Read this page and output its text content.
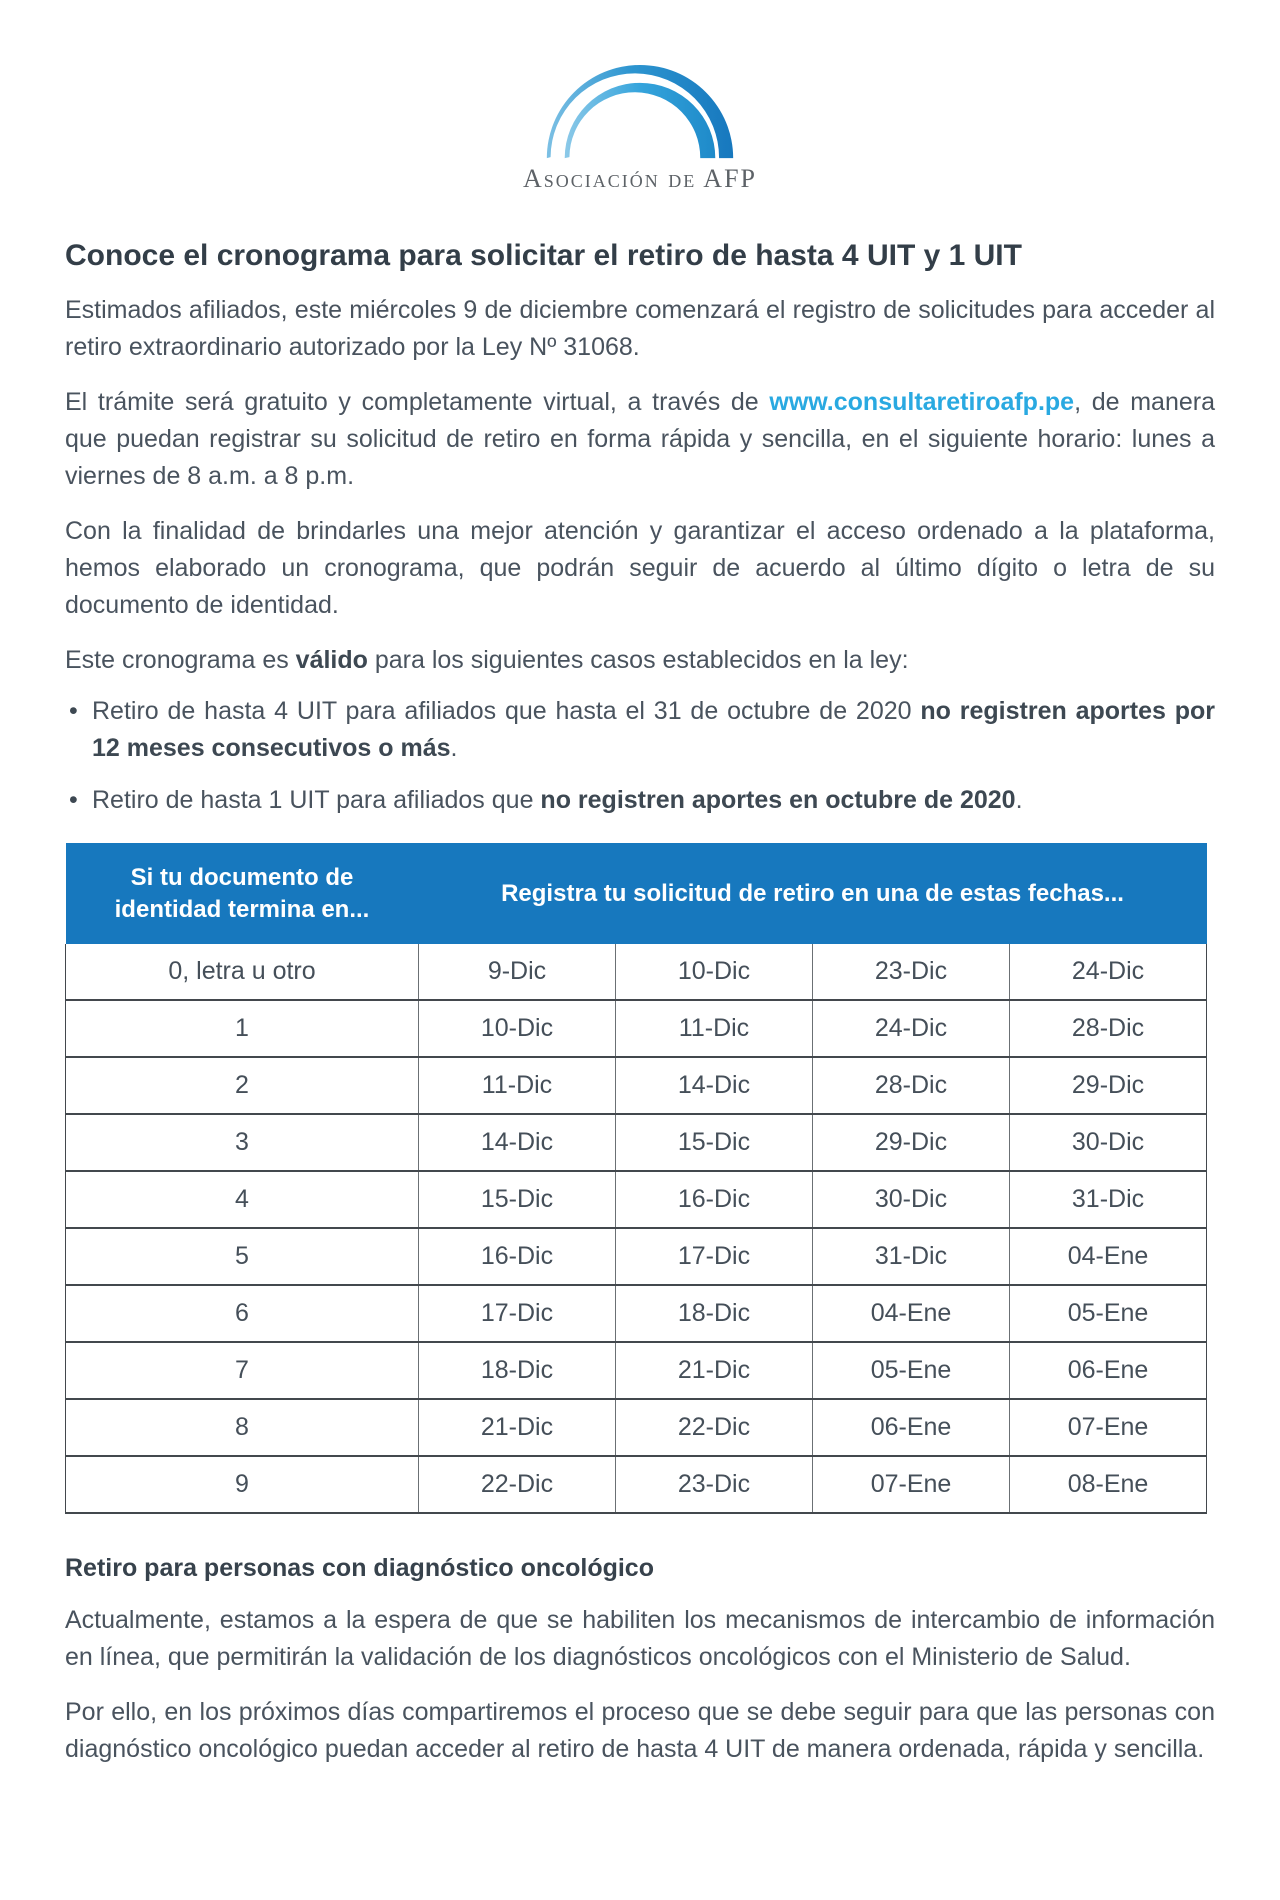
Asociación de AFP
Conoce el cronograma para solicitar el retiro de hasta 4 UIT y 1 UIT

Estimados afiliados, este miércoles 9 de diciembre comenzará el registro de solicitudes para acceder al retiro extraordinario autorizado por la Ley Nº 31068.

El trámite será gratuito y completamente virtual, a través de www.consultaretiroafp.pe, de manera que puedan registrar su solicitud de retiro en forma rápida y sencilla, en el siguiente horario: lunes a viernes de 8 a.m. a 8 p.m.

Con la finalidad de brindarles una mejor atención y garantizar el acceso ordenado a la plataforma, hemos elaborado un cronograma, que podrán seguir de acuerdo al último dígito o letra de su documento de identidad.

Este cronograma es válido para los siguientes casos establecidos en la ley:

• Retiro de hasta 4 UIT para afiliados que hasta el 31 de octubre de 2020 no registren aportes por 12 meses consecutivos o más.
• Retiro de hasta 1 UIT para afiliados que no registren aportes en octubre de 2020.
Si tu documento de identidad termina en...	Registra tu solicitud de retiro en una de estas fechas...			
0, letra u otro	9-Dic	10-Dic	23-Dic	24-Dic
1	10-Dic	11-Dic	24-Dic	28-Dic
2	11-Dic	14-Dic	28-Dic	29-Dic
3	14-Dic	15-Dic	29-Dic	30-Dic
4	15-Dic	16-Dic	30-Dic	31-Dic
5	16-Dic	17-Dic	31-Dic	04-Ene
6	17-Dic	18-Dic	04-Ene	05-Ene
7	18-Dic	21-Dic	05-Ene	06-Ene
8	21-Dic	22-Dic	06-Ene	07-Ene
9	22-Dic	23-Dic	07-Ene	08-Ene
Retiro para personas con diagnóstico oncológico

Actualmente, estamos a la espera de que se habiliten los mecanismos de intercambio de información en línea, que permitirán la validación de los diagnósticos oncológicos con el Ministerio de Salud.

Por ello, en los próximos días compartiremos el proceso que se debe seguir para que las personas con diagnóstico oncológico puedan acceder al retiro de hasta 4 UIT de manera ordenada, rápida y sencilla.
